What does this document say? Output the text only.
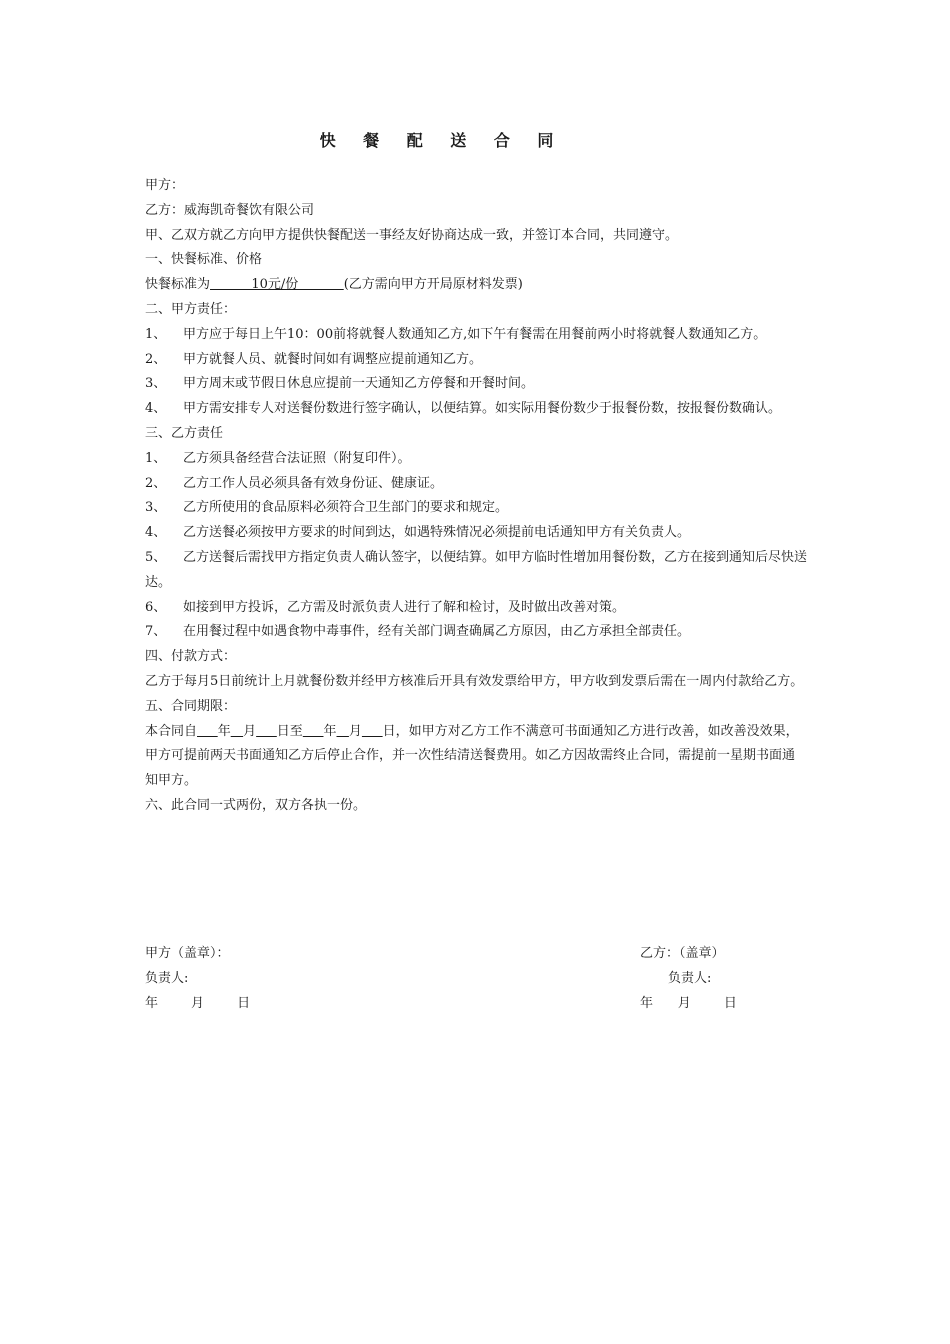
快 餐 配 送 合 同

甲方：

乙方：威海凯奇餐饮有限公司

甲、乙双方就乙方向甲方提供快餐配送一事经友好协商达成一致，并签订本合同，共同遵守。

一、快餐标准、价格

快餐标准为          10元/份           (乙方需向甲方开局原材料发票)

二、甲方责任：

1、 甲方应于每日上午10：00前将就餐人数通知乙方,如下午有餐需在用餐前两小时将就餐人数通知乙方。

2、 甲方就餐人员、就餐时间如有调整应提前通知乙方。

3、 甲方周末或节假日休息应提前一天通知乙方停餐和开餐时间。

4、 甲方需安排专人对送餐份数进行签字确认，以便结算。如实际用餐份数少于报餐份数，按报餐份数确认。

三、乙方责任

1、 乙方须具备经营合法证照（附复印件）。

2、 乙方工作人员必须具备有效身份证、健康证。

3、 乙方所使用的食品原料必须符合卫生部门的要求和规定。

4、 乙方送餐必须按甲方要求的时间到达，如遇特殊情况必须提前电话通知甲方有关负责人。

5、 乙方送餐后需找甲方指定负责人确认签字，以便结算。如甲方临时性增加用餐份数，乙方在接到通知后尽快送达。

6、 如接到甲方投诉，乙方需及时派负责人进行了解和检讨，及时做出改善对策。

7、 在用餐过程中如遇食物中毒事件，经有关部门调查确属乙方原因，由乙方承担全部责任。

四、付款方式：

乙方于每月5日前统计上月就餐份数并经甲方核准后开具有效发票给甲方，甲方收到发票后需在一周内付款给乙方。

五、合同期限：

本合同自 年 月 日至 年 月 日，如甲方对乙方工作不满意可书面通知乙方进行改善，如改善没效果，甲方可提前两天书面通知乙方后停止合作，并一次性结清送餐费用。如乙方因故需终止合同，需提前一星期书面通知甲方。

六、此合同一式两份，双方各执一份。

甲方（盖章）：
负责人:
年        月        日
乙方：（盖章）
负责人:
年      月        日
